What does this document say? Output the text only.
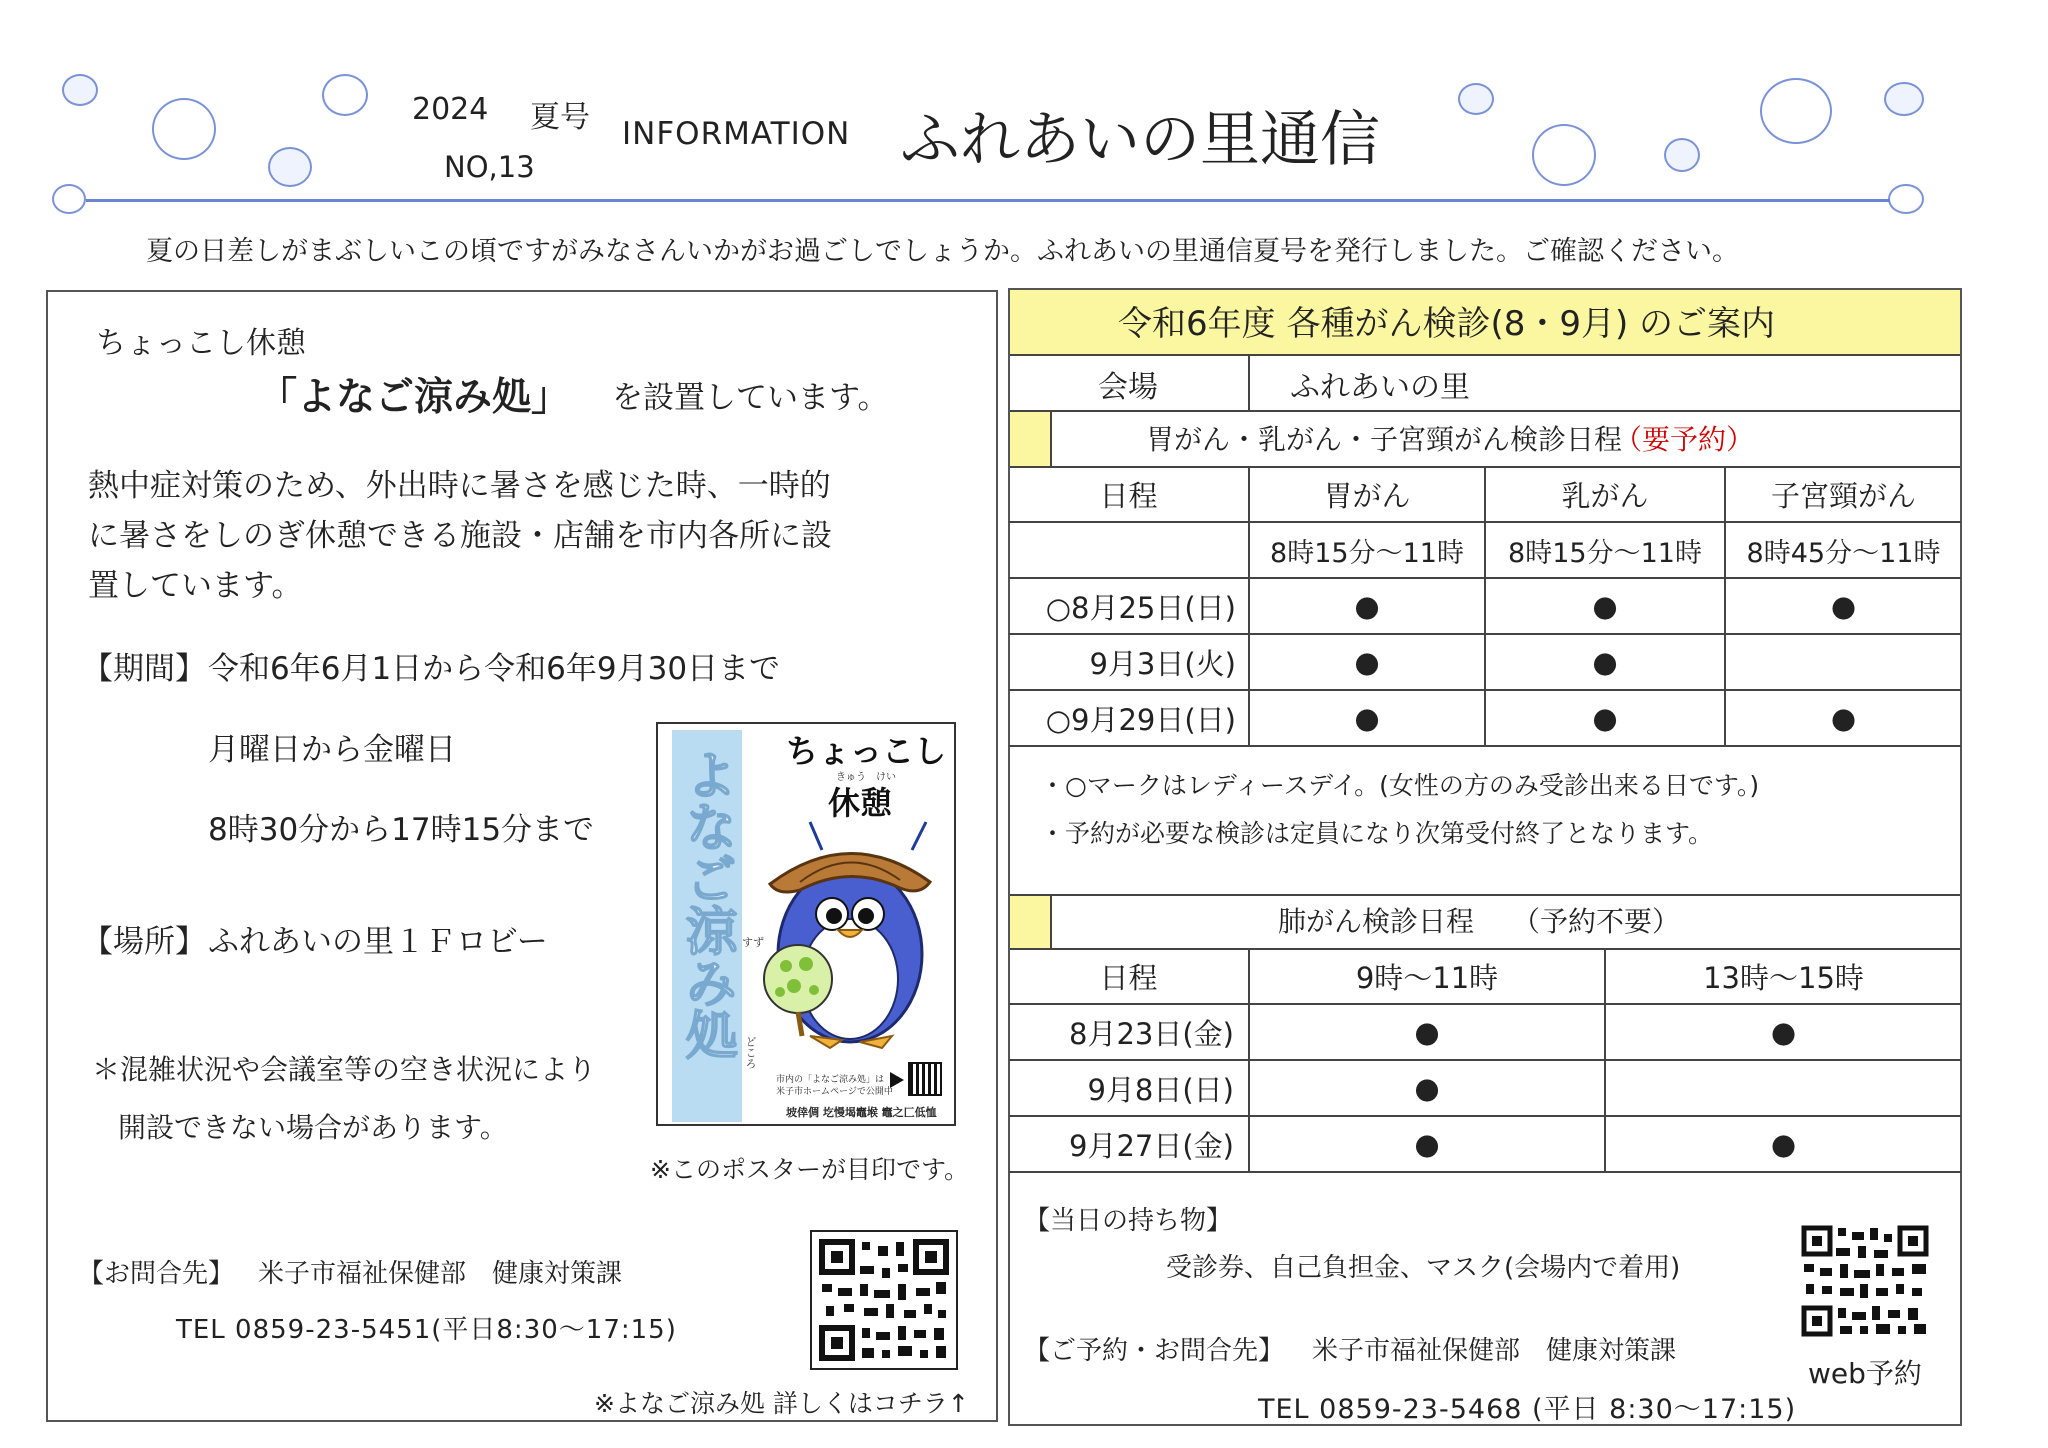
2024 夏号
NO,13
INFORMATION ふれあいの里通信
夏の日差しがまぶしいこの頃ですがみなさんいかがお過ごしでしょうか。ふれあいの里通信夏号を発行しました。ご確認ください。
ちょっこし休憩
「よなご涼み処」 を設置しています。
熱中症対策のため、外出時に暑さを感じた時、一時的
に暑さをしのぎ休憩できる施設・店舗を市内各所に設
置しています。
【期間】 令和6年6月1日から令和6年9月30日まで
月曜日から金曜日
8時30分から17時15分まで
【場所】 ふれあいの里１Ｆロビー
＊混雑状況や会議室等の空き状況により
開設できない場合があります。
よなご涼み処 すず
どころ
ちょっこし
きゅう　けい
休憩
市内の「よなご涼み処」は
米子市ホームページで公開中
坡倖倜 圪慢堨竈堠 竈之匚低恤
※このポスターが目印です。
【お問合先】 米子市福祉保健部　健康対策課
TEL 0859-23-5451(平日8:30～17:15)
※よなご涼み処 詳しくはコチラ↑
令和6年度 各種がん検診(8・9月) のご案内
会場	ふれあいの里
胃がん・乳がん・子宮頸がん検診日程
（要予約）
日程	胃がん	乳がん	子宮頸がん
	8時15分～11時	8時15分～11時	8時45分～11時
○8月25日(日)	●	●	●
9月3日(火)	●	●	
○9月29日(日)	●	●	●
・○マークはレディースデイ。(女性の方のみ受診出来る日です。)
・予約が必要な検診は定員になり次第受付終了となります。
肺がん検診日程 （予約不要）
日程	9時～11時	13時～15時
8月23日(金)	●	●
9月8日(日)	●	
9月27日(金)	●	●
【当日の持ち物】
受診券、自己負担金、マスク(会場内で着用)
【ご予約・お問合先】 米子市福祉保健部　健康対策課
TEL 0859-23-5468 (平日 8:30～17:15)
web予約
